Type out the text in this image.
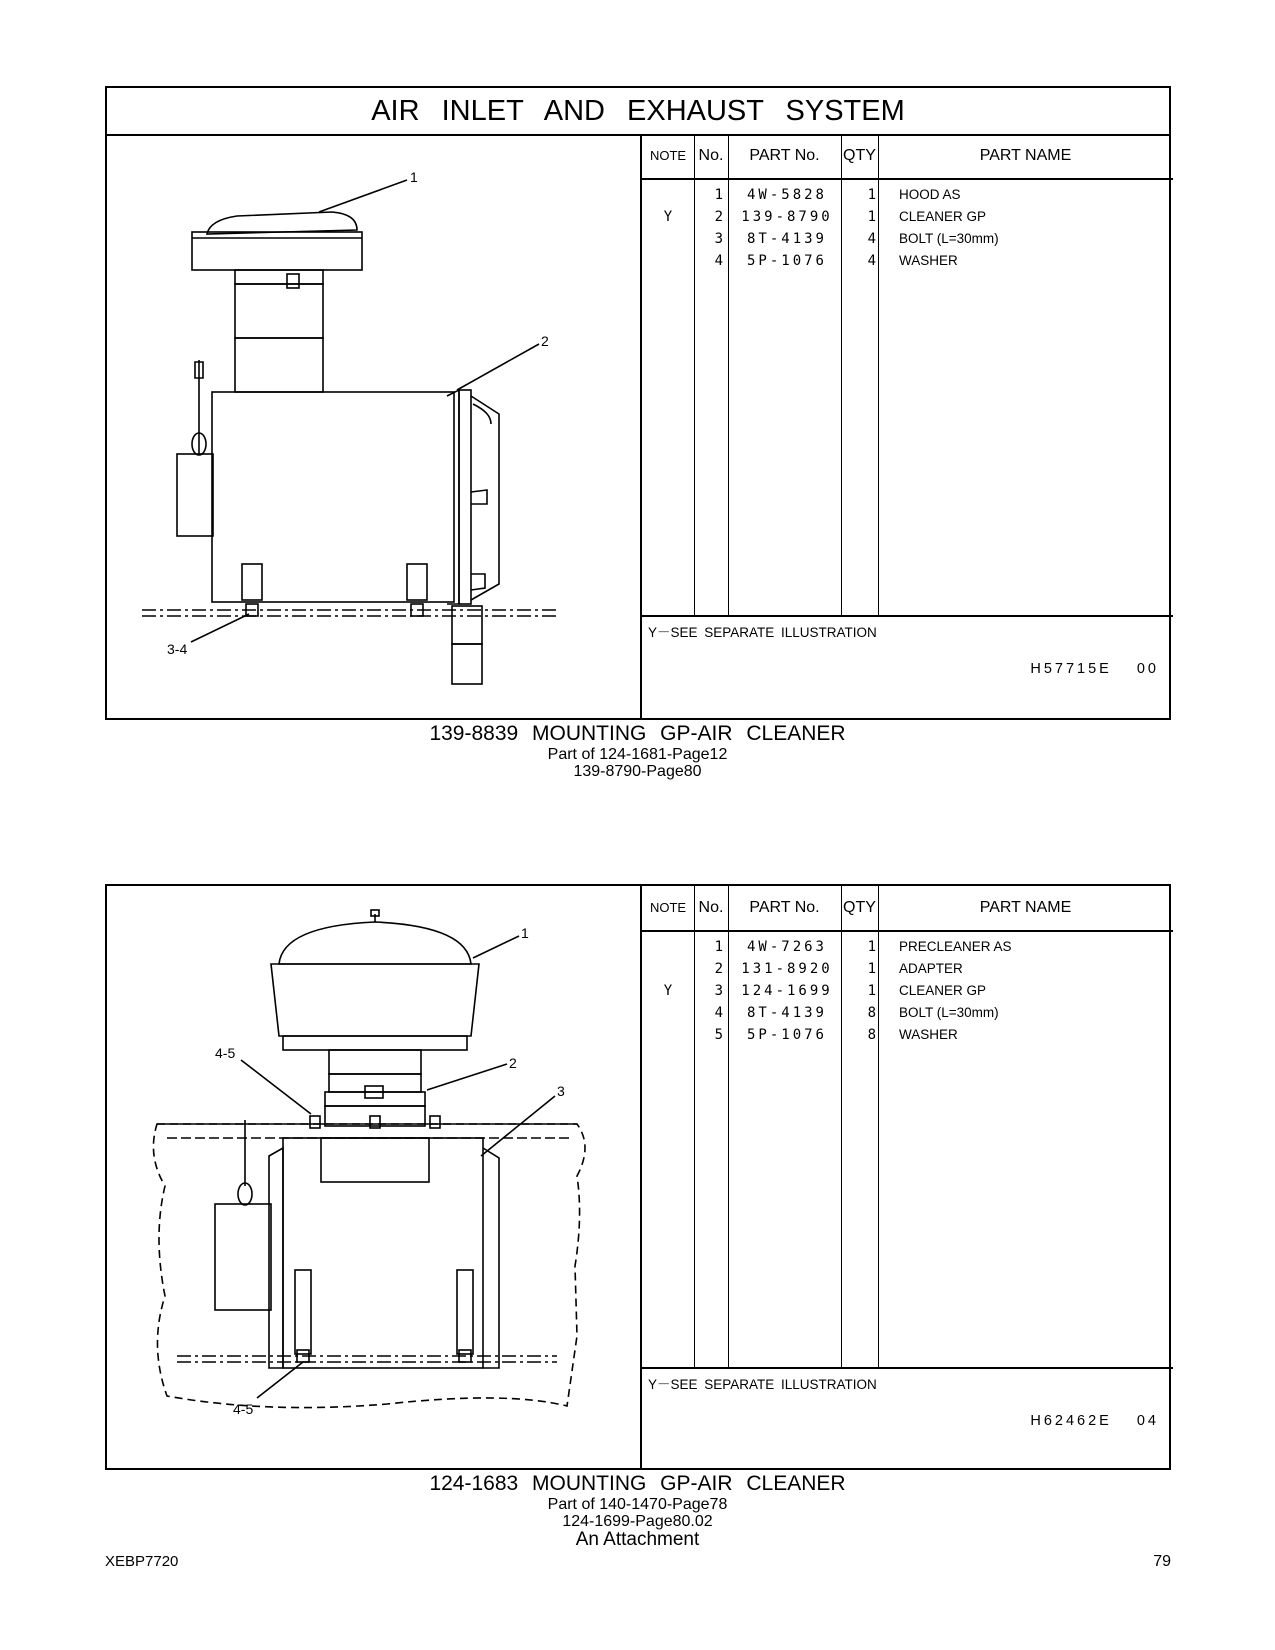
AIR INLET AND EXHAUST SYSTEM
1
2
3-4
NOTE No.	PART No.	QTY	PART NAME
1	4W-5828	1 HOOD AS
Y	2	139-8790	1 CLEANER GP
3	8T-4139	4 BOLT (L=30mm)
4	5P-1076	4 WASHER
Y－SEE SEPARATE ILLUSTRATION
H57715E 00
139-8839 MOUNTING GP-AIR CLEANER
Part of 124-1681-Page12
139-8790-Page80
1
2
3
4-5
4-5
NOTE No.	PART No.	QTY	PART NAME
1	4W-7263	1 PRECLEANER AS
2	131-8920	1 ADAPTER
Y	3	124-1699	1 CLEANER GP
4	8T-4139	8 BOLT (L=30mm)
5	5P-1076	8 WASHER
Y－SEE SEPARATE ILLUSTRATION
H62462E 04
124-1683 MOUNTING GP-AIR CLEANER
Part of 140-1470-Page78
124-1699-Page80.02
An Attachment
XEBP7720	79
